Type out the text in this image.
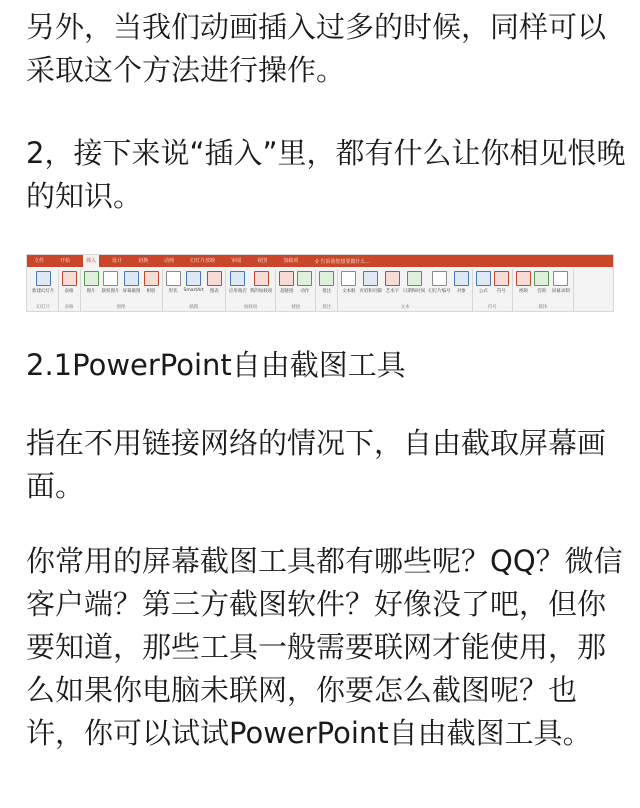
另外，当我们动画插入过多的时候，同样可以采取这个方法进行操作。

2，接下来说“插入”里，都有什么让你相见恨晚的知识。

文件	开始	插入	设计	切换	动画	幻灯片放映	审阅	视图	加载项	♀ 告诉我您想要做什么...
新建幻灯片
幻灯片
表格
表格
图片 联机图片 屏幕截图 相册
图像
形状 SmartArt 图表
插图
应用商店 我的加载项
加载项
超链接 动作
链接
批注
批注
文本框 页眉和页脚 艺术字 日期和时间 幻灯片编号 对象
文本
公式 符号
符号
视频 音频 屏幕录制
媒体

2.1PowerPoint自由截图工具

指在不用链接网络的情况下，自由截取屏幕画面。

你常用的屏幕截图工具都有哪些呢？QQ？微信客户端？第三方截图软件？好像没了吧，但你要知道，那些工具一般需要联网才能使用，那么如果你电脑未联网，你要怎么截图呢？也许，你可以试试PowerPoint自由截图工具。
